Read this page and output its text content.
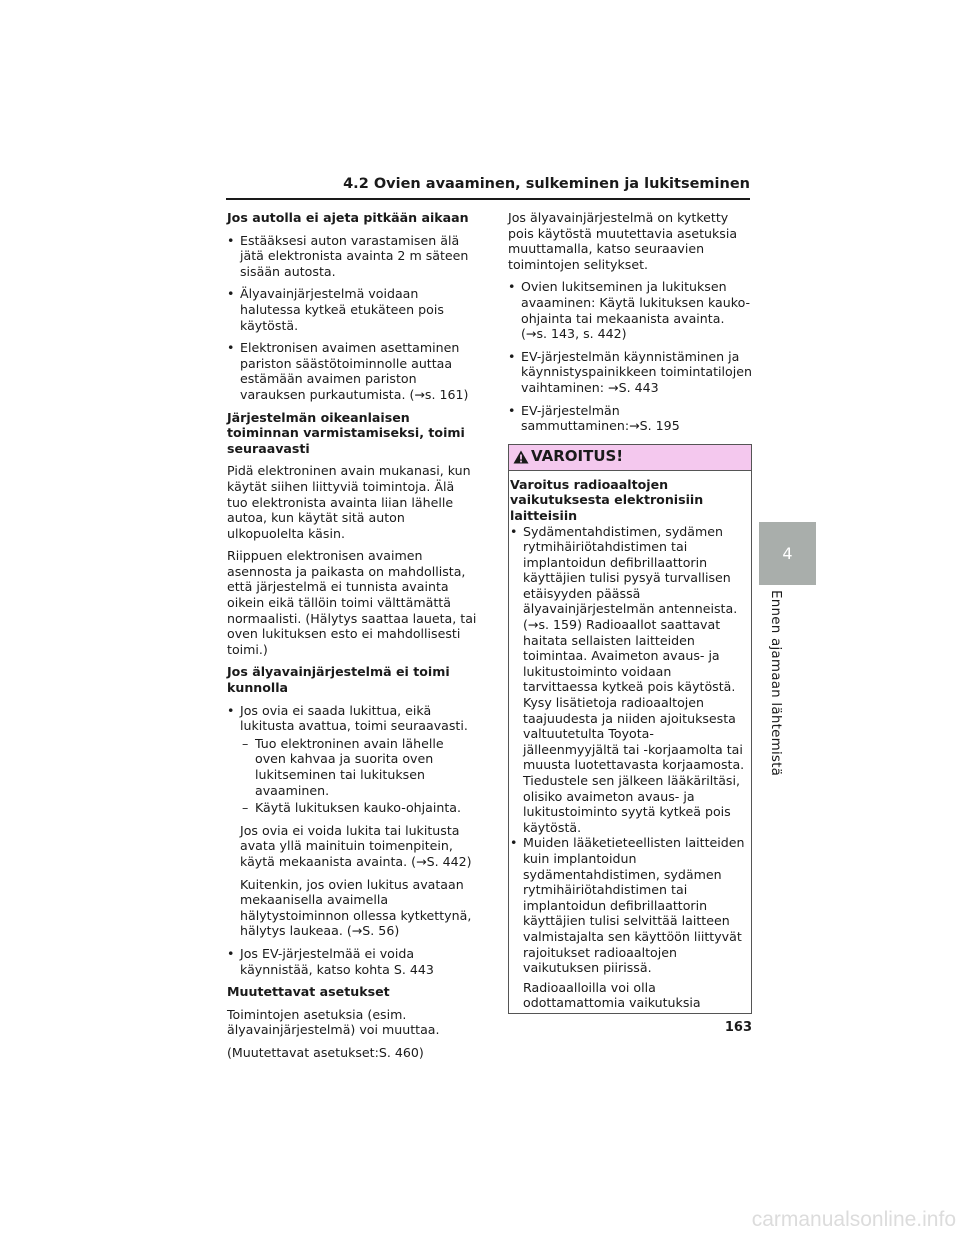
4.2 Ovien avaaminen, sulkeminen ja lukitseminen
Jos autolla ei ajeta pitkään aikaan
• Estääksesi auton varastamisen älä jätä elektronista avainta 2 m säteen sisään autosta.
• Älyavainjärjestelmä voidaan halutessa kytkeä etukäteen pois käytöstä.
• Elektronisen avaimen asettaminen pariston säästötoiminnolle auttaa estämään avaimen pariston varauksen purkautumista. (→s. 161)
Järjestelmän oikeanlaisen toiminnan varmistamiseksi, toimi seuraavasti
Pidä elektroninen avain mukanasi, kun käytät siihen liittyviä toimintoja. Älä tuo elektronista avainta liian lähelle autoa, kun käytät sitä auton ulkopuolelta käsin.
Riippuen elektronisen avaimen asennosta ja paikasta on mahdollista, että järjestelmä ei tunnista avainta oikein eikä tällöin toimi välttämättä normaalisti. (Hälytys saattaa laueta, tai oven lukituksen esto ei mahdollisesti toimi.)
Jos älyavainjärjestelmä ei toimi kunnolla
• Jos ovia ei saada lukittua, eikä lukitusta avattua, toimi seuraavasti.
– Tuo elektroninen avain lähelle oven kahvaa ja suorita oven lukitseminen tai lukituksen avaaminen.
– Käytä lukituksen kauko-ohjainta.
Jos ovia ei voida lukita tai lukitusta avata yllä mainituin toimenpitein, käytä mekaanista avainta. (→S. 442)
Kuitenkin, jos ovien lukitus avataan mekaanisella avaimella hälytystoiminnon ollessa kytkettynä, hälytys laukeaa. (→S. 56)
• Jos EV-järjestelmää ei voida käynnistää, katso kohta S. 443
Muutettavat asetukset
Toimintojen asetuksia (esim. älyavainjärjestelmä) voi muuttaa.
(Muutettavat asetukset:S. 460)
Jos älyavainjärjestelmä on kytketty pois käytöstä muutettavia asetuksia muuttamalla, katso seuraavien toimintojen selitykset.
• Ovien lukitseminen ja lukituksen avaaminen: Käytä lukituksen kauko-ohjainta tai mekaanista avainta. (→s. 143, s. 442)
• EV-järjestelmän käynnistäminen ja käynnistyspainikkeen toimintatilojen vaihtaminen: →S. 443
• EV-järjestelmän sammuttaminen:→S. 195
VAROITUS!
Varoitus radioaaltojen vaikutuksesta elektronisiin laitteisiin
• Sydämentahdistimen, sydämen rytmihäiriötahdistimen tai implantoidun defibrillaattorin käyttäjien tulisi pysyä turvallisen etäisyyden päässä älyavainjärjestelmän antenneista. (→s. 159) Radioaallot saattavat haitata sellaisten laitteiden toimintaa. Avaimeton avaus- ja lukitustoiminto voidaan tarvittaessa kytkeä pois käytöstä. Kysy lisätietoja radioaaltojen taajuudesta ja niiden ajoituksesta valtuutetulta Toyota-jälleenmyyjältä tai -korjaamolta tai muusta luotettavasta korjaamosta. Tiedustele sen jälkeen lääkäriltäsi, olisiko avaimeton avaus- ja lukitustoiminto syytä kytkeä pois käytöstä.
• Muiden lääketieteellisten laitteiden kuin implantoidun sydämentahdistimen, sydämen rytmihäiriötahdistimen tai implantoidun defibrillaattorin käyttäjien tulisi selvittää laitteen valmistajalta sen käyttöön liittyvät rajoitukset radioaaltojen vaikutuksen piirissä.
Radioaalloilla voi olla odottamattomia vaikutuksia
4
Ennen ajamaan lähtemistä
163
carmanualsonline.info
